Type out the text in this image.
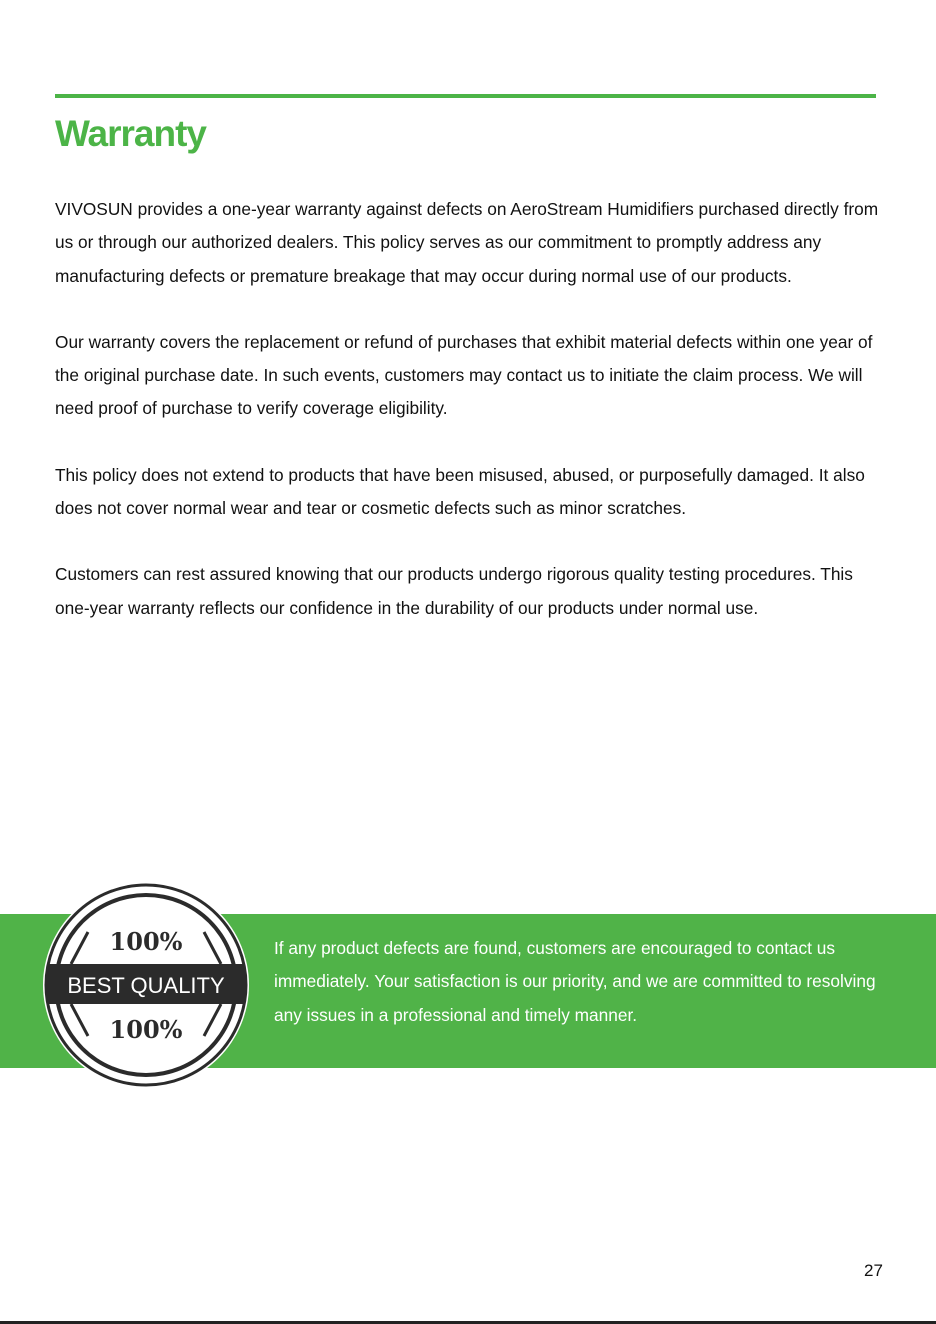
Warranty

VIVOSUN provides a one-year warranty against defects on AeroStream Humidifiers purchased directly from us or through our authorized dealers. This policy serves as our commitment to promptly address any manufacturing defects or premature breakage that may occur during normal use of our products.

Our warranty covers the replacement or refund of purchases that exhibit material defects within one year of the original purchase date. In such events, customers may contact us to initiate the claim process. We will need proof of purchase to verify coverage eligibility.

This policy does not extend to products that have been misused, abused, or purposefully damaged. It also does not cover normal wear and tear or cosmetic defects such as minor scratches.

Customers can rest assured knowing that our products undergo rigorous quality testing procedures. This one-year warranty reflects our confidence in the durability of our products under normal use.

If any product defects are found, customers are encouraged to contact us immediately. Your satisfaction is our priority, and we are committed to resolving any issues in a professional and timely manner.

100%
BEST QUALITY
100%
27
